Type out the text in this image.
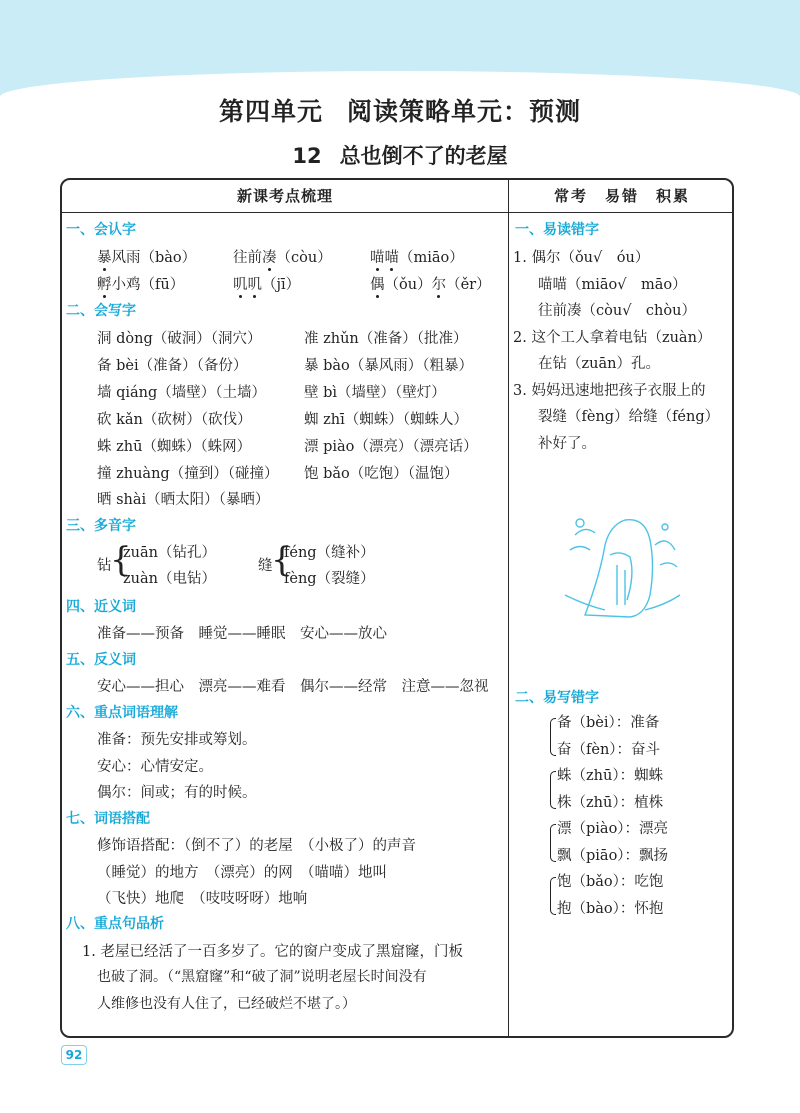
第四单元 阅读策略单元：预测
12 总也倒不了的老屋
新课考点梳理	常考　易错　积累
一、会认字
暴风雨（bào）	往前凑（còu）	喵喵（miāo）
孵小鸡（fū）	叽叽（jī）	偶（ǒu）尔（ěr）
二、会写字
洞 dòng（破洞）（洞穴）	准 zhǔn（准备）（批准）
备 bèi（准备）（备份）	暴 bào（暴风雨）（粗暴）
墙 qiáng（墙壁）（土墙）	壁 bì（墙壁）（壁灯）
砍 kǎn（砍树）（砍伐）	蜘 zhī（蜘蛛）（蜘蛛人）
蛛 zhū（蜘蛛）（蛛网）	漂 piào（漂亮）（漂亮话）
撞 zhuàng（撞到）（碰撞） 饱 bǎo（吃饱）（温饱）
晒 shài（晒太阳）（暴晒）
三、多音字
钻
{
zuān（钻孔）
zuàn（电钻）
缝
{
féng（缝补）
fèng（裂缝）
四、近义词
准备——预备　睡觉——睡眠　安心——放心
五、反义词
安心——担心　漂亮——难看　偶尔——经常　注意——忽视
六、重点词语理解
准备：预先安排或筹划。
安心：心情安定。
偶尔：间或；有的时候。
七、词语搭配
修饰语搭配：（倒不了）的老屋　（小极了）的声音
（睡觉）的地方　（漂亮）的网　（喵喵）地叫
（飞快）地爬　（吱吱呀呀）地响
八、重点句品析
1. 老屋已经活了一百多岁了。它的窗户变成了黑窟窿，门板
也破了洞。（“黑窟窿”和“破了洞”说明老屋长时间没有
人维修也没有人住了，已经破烂不堪了。）
一、易读错字
1. 偶尔（ǒu√　óu）
喵喵（miāo√　māo）
往前凑（còu√　chòu）
2. 这个工人拿着电钻（zuàn）
在钻（zuān）孔。
3. 妈妈迅速地把孩子衣服上的
裂缝（fèng）给缝（féng）
补好了。
二、易写错字
备（bèi）：准备
奋（fèn）：奋斗
蛛（zhū）：蜘蛛
株（zhū）：植株
漂（piào）：漂亮
飘（piāo）：飘扬
饱（bǎo）：吃饱
抱（bào）：怀抱
92
